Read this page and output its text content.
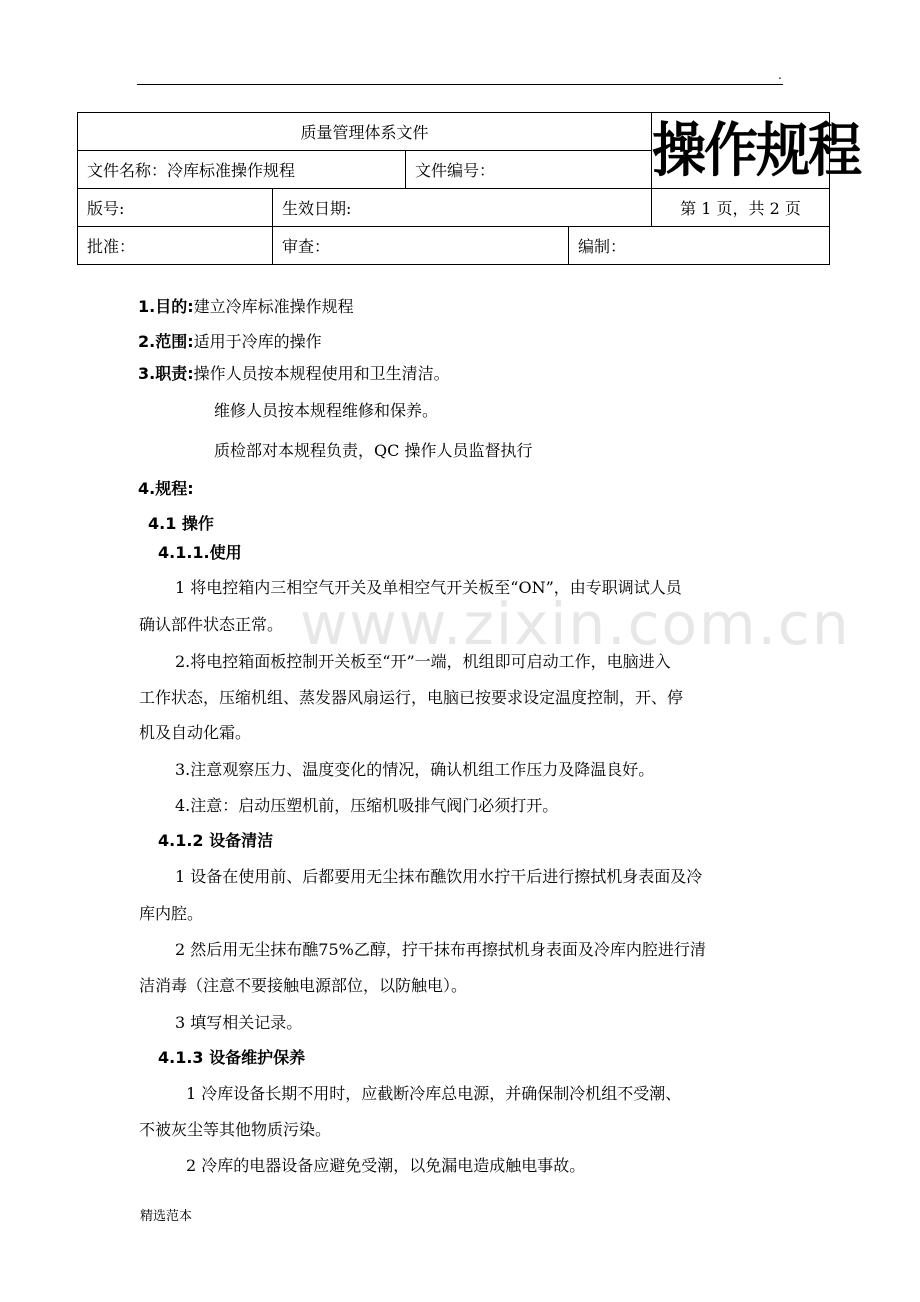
.
质量管理体系文件				操作规程
文件名称：冷库标准操作规程		文件编号：		
版号:	生效日期:			第 1 页，共 2 页
批准：	审查：		编制：	
www.zixin.com.cn
1.目的:建立冷库标准操作规程
2.范围:适用于冷库的操作
3.职责:操作人员按本规程使用和卫生清洁。
维修人员按本规程维修和保养。
质检部对本规程负责，QC 操作人员监督执行
4.规程:
4.1 操作
4.1.1.使用
1 将电控箱内三相空气开关及单相空气开关板至“ON”，由专职调试人员
确认部件状态正常。
2.将电控箱面板控制开关板至“开”一端，机组即可启动工作，电脑进入
工作状态，压缩机组、蒸发器风扇运行，电脑已按要求设定温度控制，开、停
机及自动化霜。
3.注意观察压力、温度变化的情况，确认机组工作压力及降温良好。
4.注意：启动压塑机前，压缩机吸排气阀门必须打开。
4.1.2 设备清洁
1 设备在使用前、后都要用无尘抹布醮饮用水拧干后进行擦拭机身表面及冷
库内腔。
2 然后用无尘抹布醮75%乙醇，拧干抹布再擦拭机身表面及冷库内腔进行清
洁消毒（注意不要接触电源部位，以防触电）。
3 填写相关记录。
4.1.3 设备维护保养
1 冷库设备长期不用时，应截断冷库总电源，并确保制冷机组不受潮、
不被灰尘等其他物质污染。
2 冷库的电器设备应避免受潮，以免漏电造成触电事故。
精选范本
